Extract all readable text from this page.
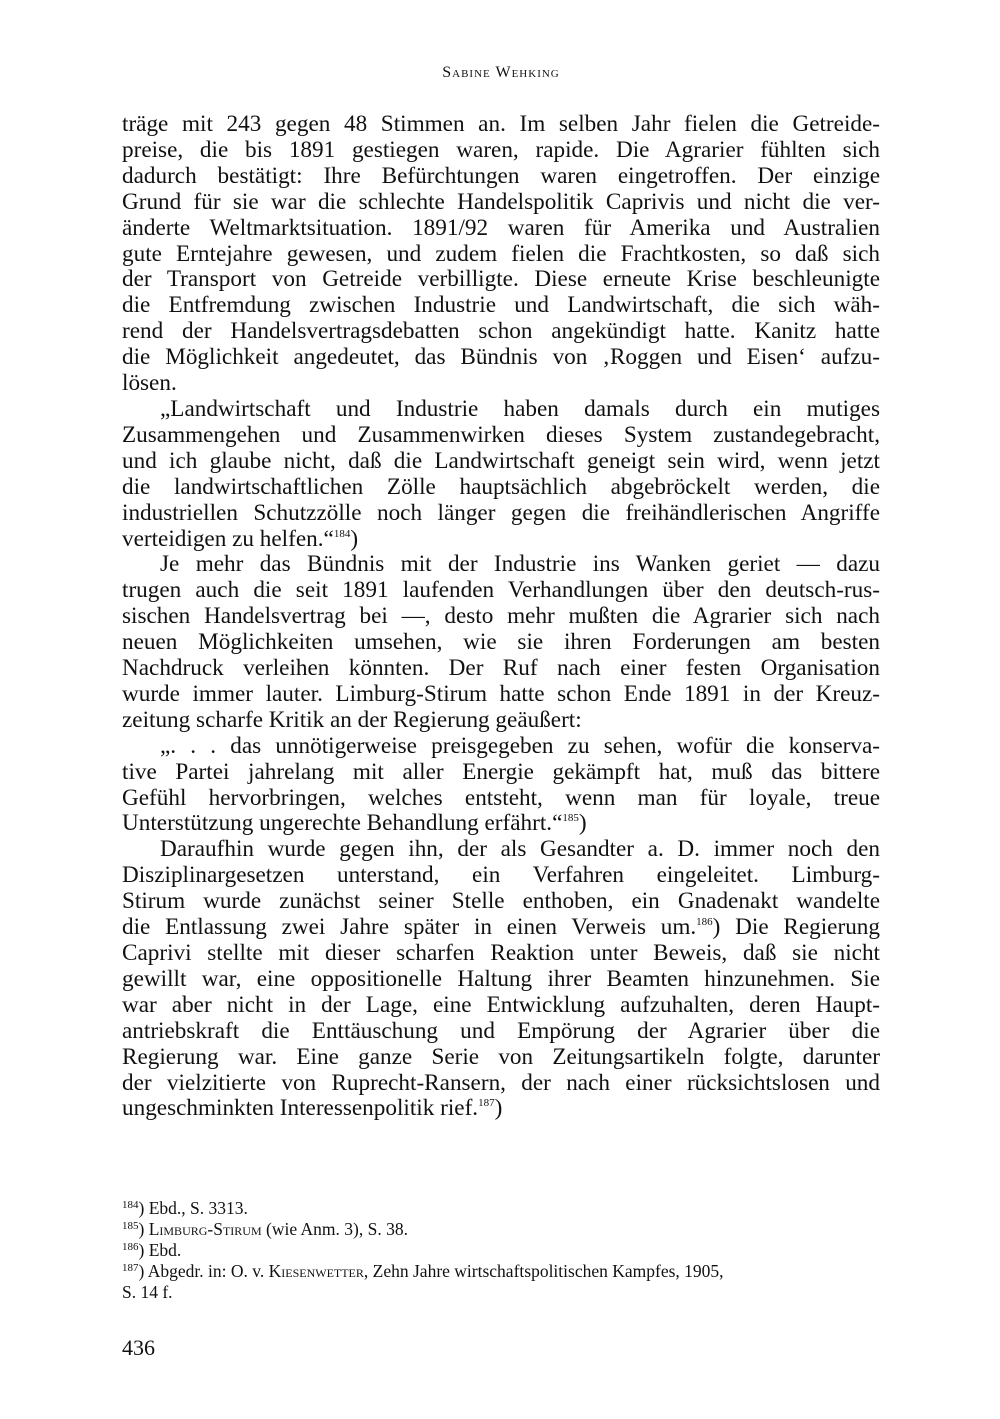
Sabine Wehking
träge mit 243 gegen 48 Stimmen an. Im selben Jahr fielen die Getreide-
preise, die bis 1891 gestiegen waren, rapide. Die Agrarier fühlten sich
dadurch bestätigt: Ihre Befürchtungen waren eingetroffen. Der einzige
Grund für sie war die schlechte Handelspolitik Caprivis und nicht die ver-
änderte Weltmarktsituation. 1891/92 waren für Amerika und Australien
gute Erntejahre gewesen, und zudem fielen die Frachtkosten, so daß sich
der Transport von Getreide verbilligte. Diese erneute Krise beschleunigte
die Entfremdung zwischen Industrie und Landwirtschaft, die sich wäh-
rend der Handelsvertragsdebatten schon angekündigt hatte. Kanitz hatte
die Möglichkeit angedeutet, das Bündnis von ‚Roggen und Eisen‘ aufzu-
lösen.
„Landwirtschaft und Industrie haben damals durch ein mutiges
Zusammengehen und Zusammenwirken dieses System zustandegebracht,
und ich glaube nicht, daß die Landwirtschaft geneigt sein wird, wenn jetzt
die landwirtschaftlichen Zölle hauptsächlich abgebröckelt werden, die
industriellen Schutzzölle noch länger gegen die freihändlerischen Angriffe
verteidigen zu helfen.“$^{184}$)
Je mehr das Bündnis mit der Industrie ins Wanken geriet — dazu
trugen auch die seit 1891 laufenden Verhandlungen über den deutsch-rus-
sischen Handelsvertrag bei —, desto mehr mußten die Agrarier sich nach
neuen Möglichkeiten umsehen, wie sie ihren Forderungen am besten
Nachdruck verleihen könnten. Der Ruf nach einer festen Organisation
wurde immer lauter. Limburg-Stirum hatte schon Ende 1891 in der Kreuz-
zeitung scharfe Kritik an der Regierung geäußert:
„. . . das unnötigerweise preisgegeben zu sehen, wofür die konserva-
tive Partei jahrelang mit aller Energie gekämpft hat, muß das bittere
Gefühl hervorbringen, welches entsteht, wenn man für loyale, treue
Unterstützung ungerechte Behandlung erfährt.“$^{185}$)
Daraufhin wurde gegen ihn, der als Gesandter a. D. immer noch den
Disziplinargesetzen unterstand, ein Verfahren eingeleitet. Limburg-
Stirum wurde zunächst seiner Stelle enthoben, ein Gnadenakt wandelte
die Entlassung zwei Jahre später in einen Verweis um.$^{186}$) Die Regierung
Caprivi stellte mit dieser scharfen Reaktion unter Beweis, daß sie nicht
gewillt war, eine oppositionelle Haltung ihrer Beamten hinzunehmen. Sie
war aber nicht in der Lage, eine Entwicklung aufzuhalten, deren Haupt-
antriebskraft die Enttäuschung und Empörung der Agrarier über die
Regierung war. Eine ganze Serie von Zeitungsartikeln folgte, darunter
der vielzitierte von Ruprecht-Ransern, der nach einer rücksichtslosen und
ungeschminkten Interessenpolitik rief.$^{187}$)
$^{184}$) Ebd., S. 3313.
$^{185}$) Limburg-Stirum (wie Anm. 3), S. 38.
$^{186}$) Ebd.
$^{187}$) Abgedr. in: O. v. Kiesenwetter, Zehn Jahre wirtschaftspolitischen Kampfes, 1905,
S. 14 f.
436
